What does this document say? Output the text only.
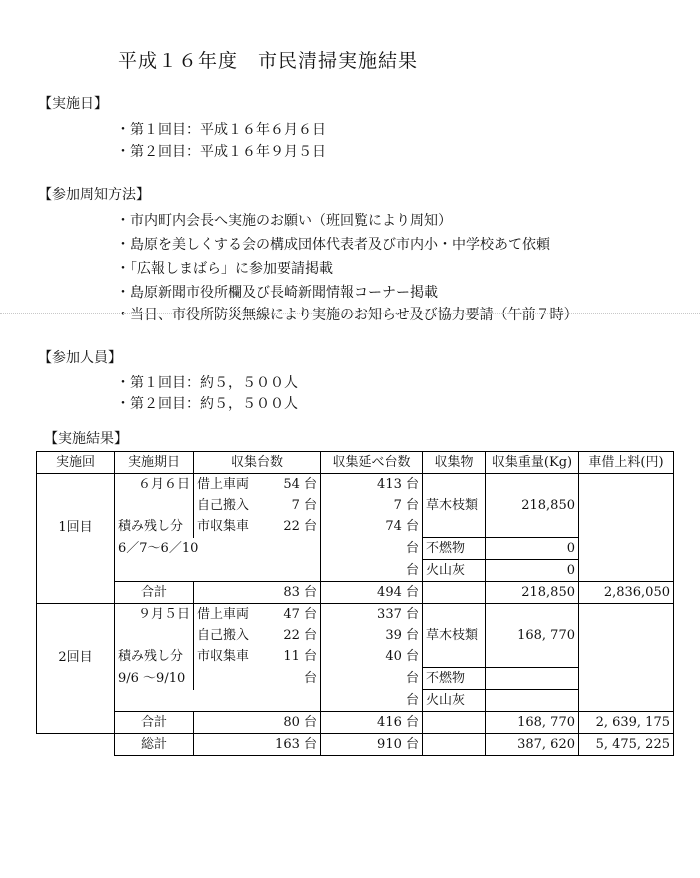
平成１６年度　市民清掃実施結果
【実施日】
・第１回目：平成１６年６月６日
・第２回目：平成１６年９月５日
【参加周知方法】
・市内町内会長へ実施のお願い（班回覧により周知）
・島原を美しくする会の構成団体代表者及び市内小・中学校あて依頼
・「広報しまばら」に参加要請掲載
・島原新聞市役所欄及び長崎新聞情報コーナー掲載
・当日、市役所防災無線により実施のお知らせ及び協力要請（午前７時）
【参加人員】
・第１回目：約５，５００人
・第２回目：約５，５００人
【実施結果】
実施回	実施期日	収集台数		収集延べ台数	収集物	収集重量(Kg)	車借上料(円)
1回目	６月６日	借上車両	54 台	413 台			
		自己搬入	7 台	7 台	草木枝類	218,850	
	積み残し分	市収集車	22 台	74 台			
	6／7～6／10			台	不燃物	0	
				台	火山灰	0	
	合計		83 台	494 台		218,850	2,836,050
2回目	９月５日	借上車両	47 台	337 台			
		自己搬入	22 台	39 台	草木枝類	168, 770	
	積み残し分	市収集車	11 台	40 台			
	9/6 ～9/10		台	台	不燃物		
				台	火山灰		
	合計		80 台	416 台		168, 770	2, 639, 175
	総計		163 台	910 台		387, 620	5, 475, 225
